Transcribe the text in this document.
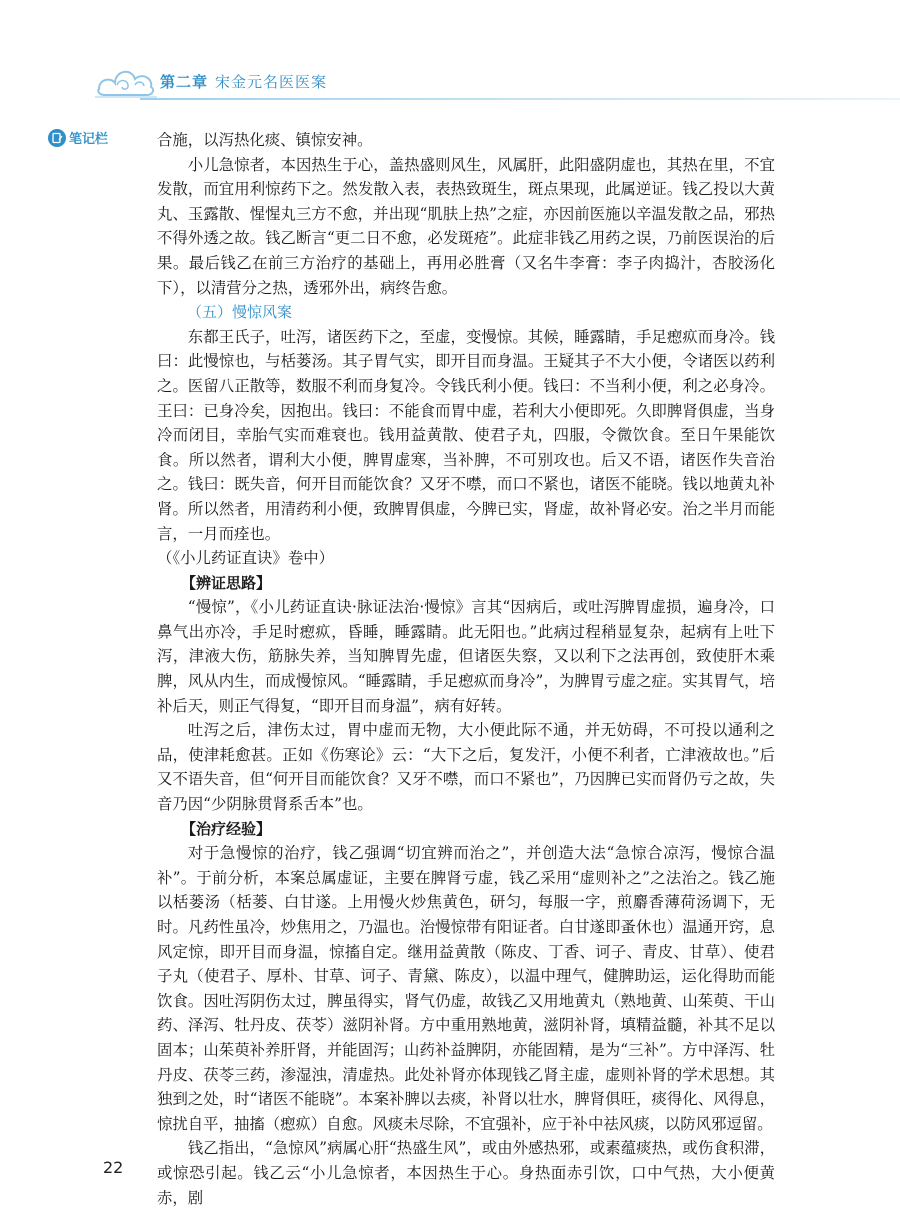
第二章 宋金元名医医案
笔记栏	合施，以泻热化痰、镇惊安神。

小儿急惊者，本因热生于心，盖热盛则风生，风属肝，此阳盛阴虚也，其热在里，不宜发散，而宜用利惊药下之。然发散入表，表热致斑生，斑点果现，此属逆证。钱乙投以大黄丸、玉露散、惺惺丸三方不愈，并出现“肌肤上热”之症，亦因前医施以辛温发散之品，邪热不得外透之故。钱乙断言“更二日不愈，必发斑疮”。此症非钱乙用药之误，乃前医误治的后果。最后钱乙在前三方治疗的基础上，再用必胜膏（又名牛李膏：李子肉捣汁，杏胶汤化下），以清营分之热，透邪外出，病终告愈。

（五）慢惊风案

东都王氏子，吐泻，诸医药下之，至虚，变慢惊。其候，睡露睛，手足瘛疭而身冷。钱曰：此慢惊也，与栝蒌汤。其子胃气实，即开目而身温。王疑其子不大小便，令诸医以药利之。医留八正散等，数服不利而身复冷。令钱氏利小便。钱曰：不当利小便，利之必身冷。王曰：已身冷矣，因抱出。钱曰：不能食而胃中虚，若利大小便即死。久即脾肾俱虚，当身冷而闭目，幸胎气实而难衰也。钱用益黄散、使君子丸，四服，令微饮食。至日午果能饮食。所以然者，谓利大小便，脾胃虚寒，当补脾，不可别攻也。后又不语，诸医作失音治之。钱曰：既失音，何开目而能饮食？又牙不噤，而口不紧也，诸医不能晓。钱以地黄丸补肾。所以然者，用清药利小便，致脾胃俱虚，今脾已实，肾虚，故补肾必安。治之半月而能言，一月而痊也。

（《小儿药证直诀》卷中）

【辨证思路】

“慢惊”，《小儿药证直诀·脉证法治·慢惊》言其“因病后，或吐泻脾胃虚损，遍身冷，口鼻气出亦冷，手足时瘛疭，昏睡，睡露睛。此无阳也。”此病过程稍显复杂，起病有上吐下泻，津液大伤，筋脉失养，当知脾胃先虚，但诸医失察，又以利下之法再创，致使肝木乘脾，风从内生，而成慢惊风。“睡露睛，手足瘛疭而身冷”，为脾胃亏虚之症。实其胃气，培补后天，则正气得复，“即开目而身温”，病有好转。

吐泻之后，津伤太过，胃中虚而无物，大小便此际不通，并无妨碍，不可投以通利之品，使津耗愈甚。正如《伤寒论》云：“大下之后，复发汗，小便不利者，亡津液故也。”后又不语失音，但“何开目而能饮食？又牙不噤，而口不紧也”，乃因脾已实而肾仍亏之故，失音乃因“少阴脉贯肾系舌本”也。

【治疗经验】

对于急慢惊的治疗，钱乙强调“切宜辨而治之”，并创造大法“急惊合凉泻，慢惊合温补”。于前分析，本案总属虚证，主要在脾肾亏虚，钱乙采用“虚则补之”之法治之。钱乙施以栝蒌汤（栝蒌、白甘遂。上用慢火炒焦黄色，研匀，每服一字，煎麝香薄荷汤调下，无时。凡药性虽冷，炒焦用之，乃温也。治慢惊带有阳证者。白甘遂即蚤休也）温通开窍，息风定惊，即开目而身温，惊搐自定。继用益黄散（陈皮、丁香、诃子、青皮、甘草）、使君子丸（使君子、厚朴、甘草、诃子、青黛、陈皮），以温中理气，健脾助运，运化得助而能饮食。因吐泻阴伤太过，脾虽得实，肾气仍虚，故钱乙又用地黄丸（熟地黄、山茱萸、干山药、泽泻、牡丹皮、茯苓）滋阴补肾。方中重用熟地黄，滋阴补肾，填精益髓，补其不足以固本；山茱萸补养肝肾，并能固泻；山药补益脾阴，亦能固精，是为“三补”。方中泽泻、牡丹皮、茯苓三药，渗湿浊，清虚热。此处补肾亦体现钱乙肾主虚，虚则补肾的学术思想。其独到之处，时“诸医不能晓”。本案补脾以去痰，补肾以壮水，脾肾俱旺，痰得化、风得息，惊扰自平，抽搐（瘛疭）自愈。风痰未尽除，不宜强补，应于补中祛风痰，以防风邪逗留。

钱乙指出，“急惊风”病属心肝“热盛生风”，或由外感热邪，或素蕴痰热，或伤食积滞，或惊恐引起。钱乙云“小儿急惊者，本因热生于心。身热面赤引饮，口中气热，大小便黄赤，剧

22
